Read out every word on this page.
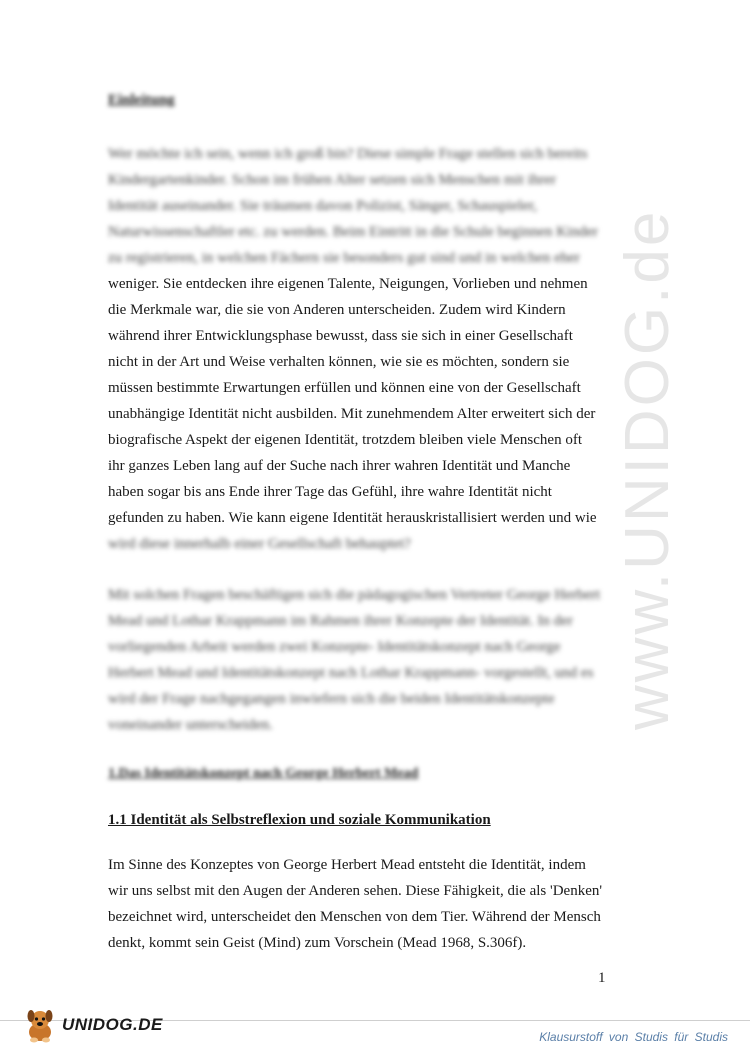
www.UNIDOG.de
Einleitung
Wer möchte ich sein, wenn ich groß bin? Diese simple Frage stellen sich bereits
Kindergartenkinder. Schon im frühen Alter setzen sich Menschen mit ihrer
Identität auseinander. Sie träumen davon Polizist, Sänger, Schauspieler,
Naturwissenschaftler etc. zu werden. Beim Eintritt in die Schule beginnen Kinder
zu registrieren, in welchen Fächern sie besonders gut sind und in welchen eher
weniger. Sie entdecken ihre eigenen Talente, Neigungen, Vorlieben und nehmen
die Merkmale war, die sie von Anderen unterscheiden. Zudem wird Kindern
während ihrer Entwicklungsphase bewusst, dass sie sich in einer Gesellschaft
nicht in der Art und Weise verhalten können, wie sie es möchten, sondern sie
müssen bestimmte Erwartungen erfüllen und können eine von der Gesellschaft
unabhängige Identität nicht ausbilden. Mit zunehmendem Alter erweitert sich der
biografische Aspekt der eigenen Identität, trotzdem bleiben viele Menschen oft
ihr ganzes Leben lang auf der Suche nach ihrer wahren Identität und Manche
haben sogar bis ans Ende ihrer Tage das Gefühl, ihre wahre Identität nicht
gefunden zu haben. Wie kann eigene Identität herauskristallisiert werden und wie
wird diese innerhalb einer Gesellschaft behauptet?
Mit solchen Fragen beschäftigen sich die pädagogischen Vertreter George Herbert
Mead und Lothar Krappmann im Rahmen ihrer Konzepte der Identität. In der
vorliegenden Arbeit werden zwei Konzepte- Identitätskonzept nach George
Herbert Mead und Identitätskonzept nach Lothar Krappmann- vorgestellt, und es
wird der Frage nachgegangen inwiefern sich die beiden Identitätskonzepte
voneinander unterscheiden.
1.Das Identitätskonzept nach George Herbert Mead
1.1 Identität als Selbstreflexion und soziale Kommunikation
Im Sinne des Konzeptes von George Herbert Mead entsteht die Identität, indem
wir uns selbst mit den Augen der Anderen sehen. Diese Fähigkeit, die als 'Denken'
bezeichnet wird, unterscheidet den Menschen von dem Tier. Während der Mensch
denkt, kommt sein Geist (Mind) zum Vorschein (Mead 1968, S.306f).
1
UNIDOG.DE
Klausurstoff von Studis für Studis
